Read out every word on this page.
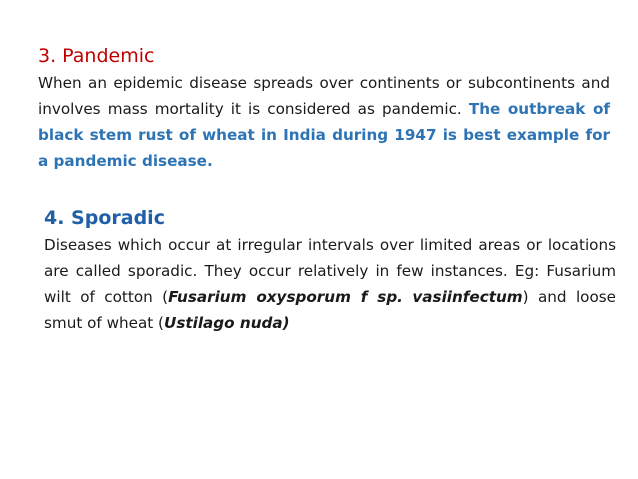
3. Pandemic

When an epidemic disease spreads over continents or subcontinents and involves mass mortality it is considered as pandemic. The outbreak of black stem rust of wheat in India during 1947 is best example for a pandemic disease.

4. Sporadic

Diseases which occur at irregular intervals over limited areas or locations are called sporadic. They occur relatively in few instances. Eg: Fusarium wilt of cotton (Fusarium oxysporum f sp. vasiinfectum) and loose smut of wheat (Ustilago nuda)
